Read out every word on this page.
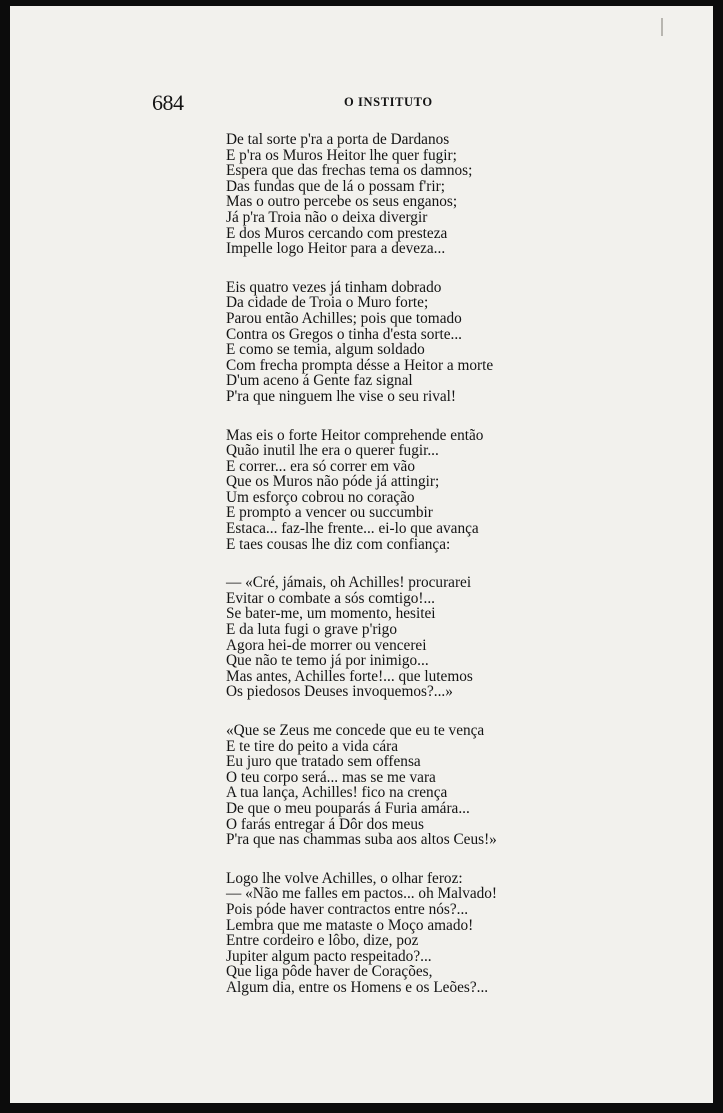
684	O INSTITUTO
De tal sorte p'ra a porta de Dardanos
E p'ra os Muros Heitor lhe quer fugir;
Espera que das frechas tema os damnos;
Das fundas que de lá o possam f'rir;
Mas o outro percebe os seus enganos;
Já p'ra Troia não o deixa divergir
E dos Muros cercando com presteza
Impelle logo Heitor para a deveza...
Eis quatro vezes já tinham dobrado
Da cidade de Troia o Muro forte;
Parou então Achilles; pois que tomado
Contra os Gregos o tinha d'esta sorte...
E como se temia, algum soldado
Com frecha prompta désse a Heitor a morte
D'um aceno á Gente faz signal
P'ra que ninguem lhe vise o seu rival!
Mas eis o forte Heitor comprehende então
Quão inutil lhe era o querer fugir...
E correr... era só correr em vão
Que os Muros não póde já attingir;
Um esforço cobrou no coração
E prompto a vencer ou succumbir
Estaca... faz-lhe frente... ei-lo que avança
E taes cousas lhe diz com confiança:
— «Cré, jámais, oh Achilles! procurarei
Evitar o combate a sós comtigo!...
Se bater-me, um momento, hesitei
E da luta fugi o grave p'rigo
Agora hei-de morrer ou vencerei
Que não te temo já por inimigo...
Mas antes, Achilles forte!... que lutemos
Os piedosos Deuses invoquemos?...»
«Que se Zeus me concede que eu te vença
E te tire do peito a vida cára
Eu juro que tratado sem offensa
O teu corpo será... mas se me vara
A tua lança, Achilles! fico na crença
De que o meu pouparás á Furia amára...
O farás entregar á Dôr dos meus
P'ra que nas chammas suba aos altos Ceus!»
Logo lhe volve Achilles, o olhar feroz:
— «Não me falles em pactos... oh Malvado!
Pois póde haver contractos entre nós?...
Lembra que me mataste o Moço amado!
Entre cordeiro e lôbo, dize, poz
Jupiter algum pacto respeitado?...
Que liga pôde haver de Corações,
Algum dia, entre os Homens e os Leões?...
